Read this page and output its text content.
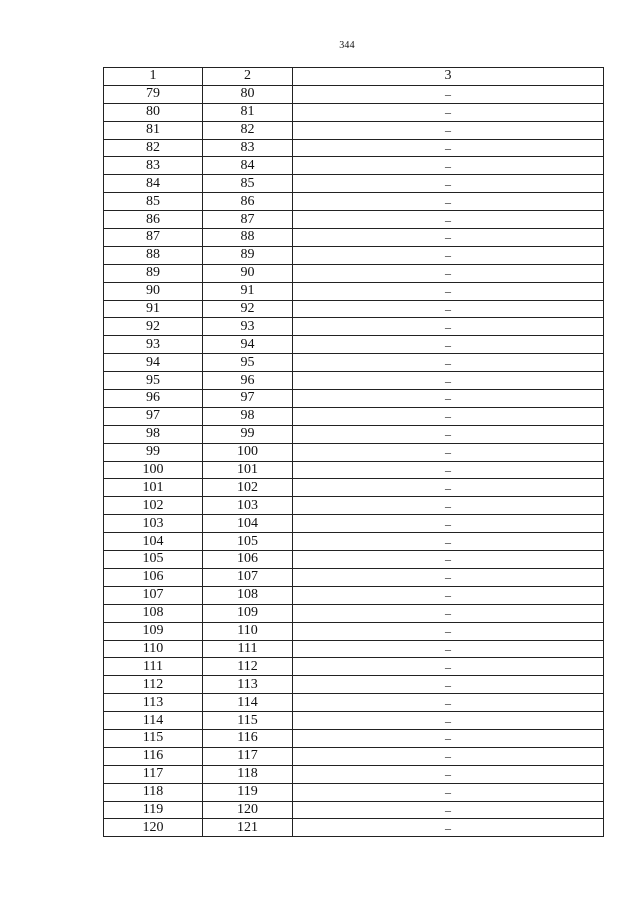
344
1	2	3
79	80	–
80	81	–
81	82	–
82	83	–
83	84	–
84	85	–
85	86	–
86	87	–
87	88	–
88	89	–
89	90	–
90	91	–
91	92	–
92	93	–
93	94	–
94	95	–
95	96	–
96	97	–
97	98	–
98	99	–
99	100	–
100	101	–
101	102	–
102	103	–
103	104	–
104	105	–
105	106	–
106	107	–
107	108	–
108	109	–
109	110	–
110	111	–
111	112	–
112	113	–
113	114	–
114	115	–
115	116	–
116	117	–
117	118	–
118	119	–
119	120	–
120	121	–
